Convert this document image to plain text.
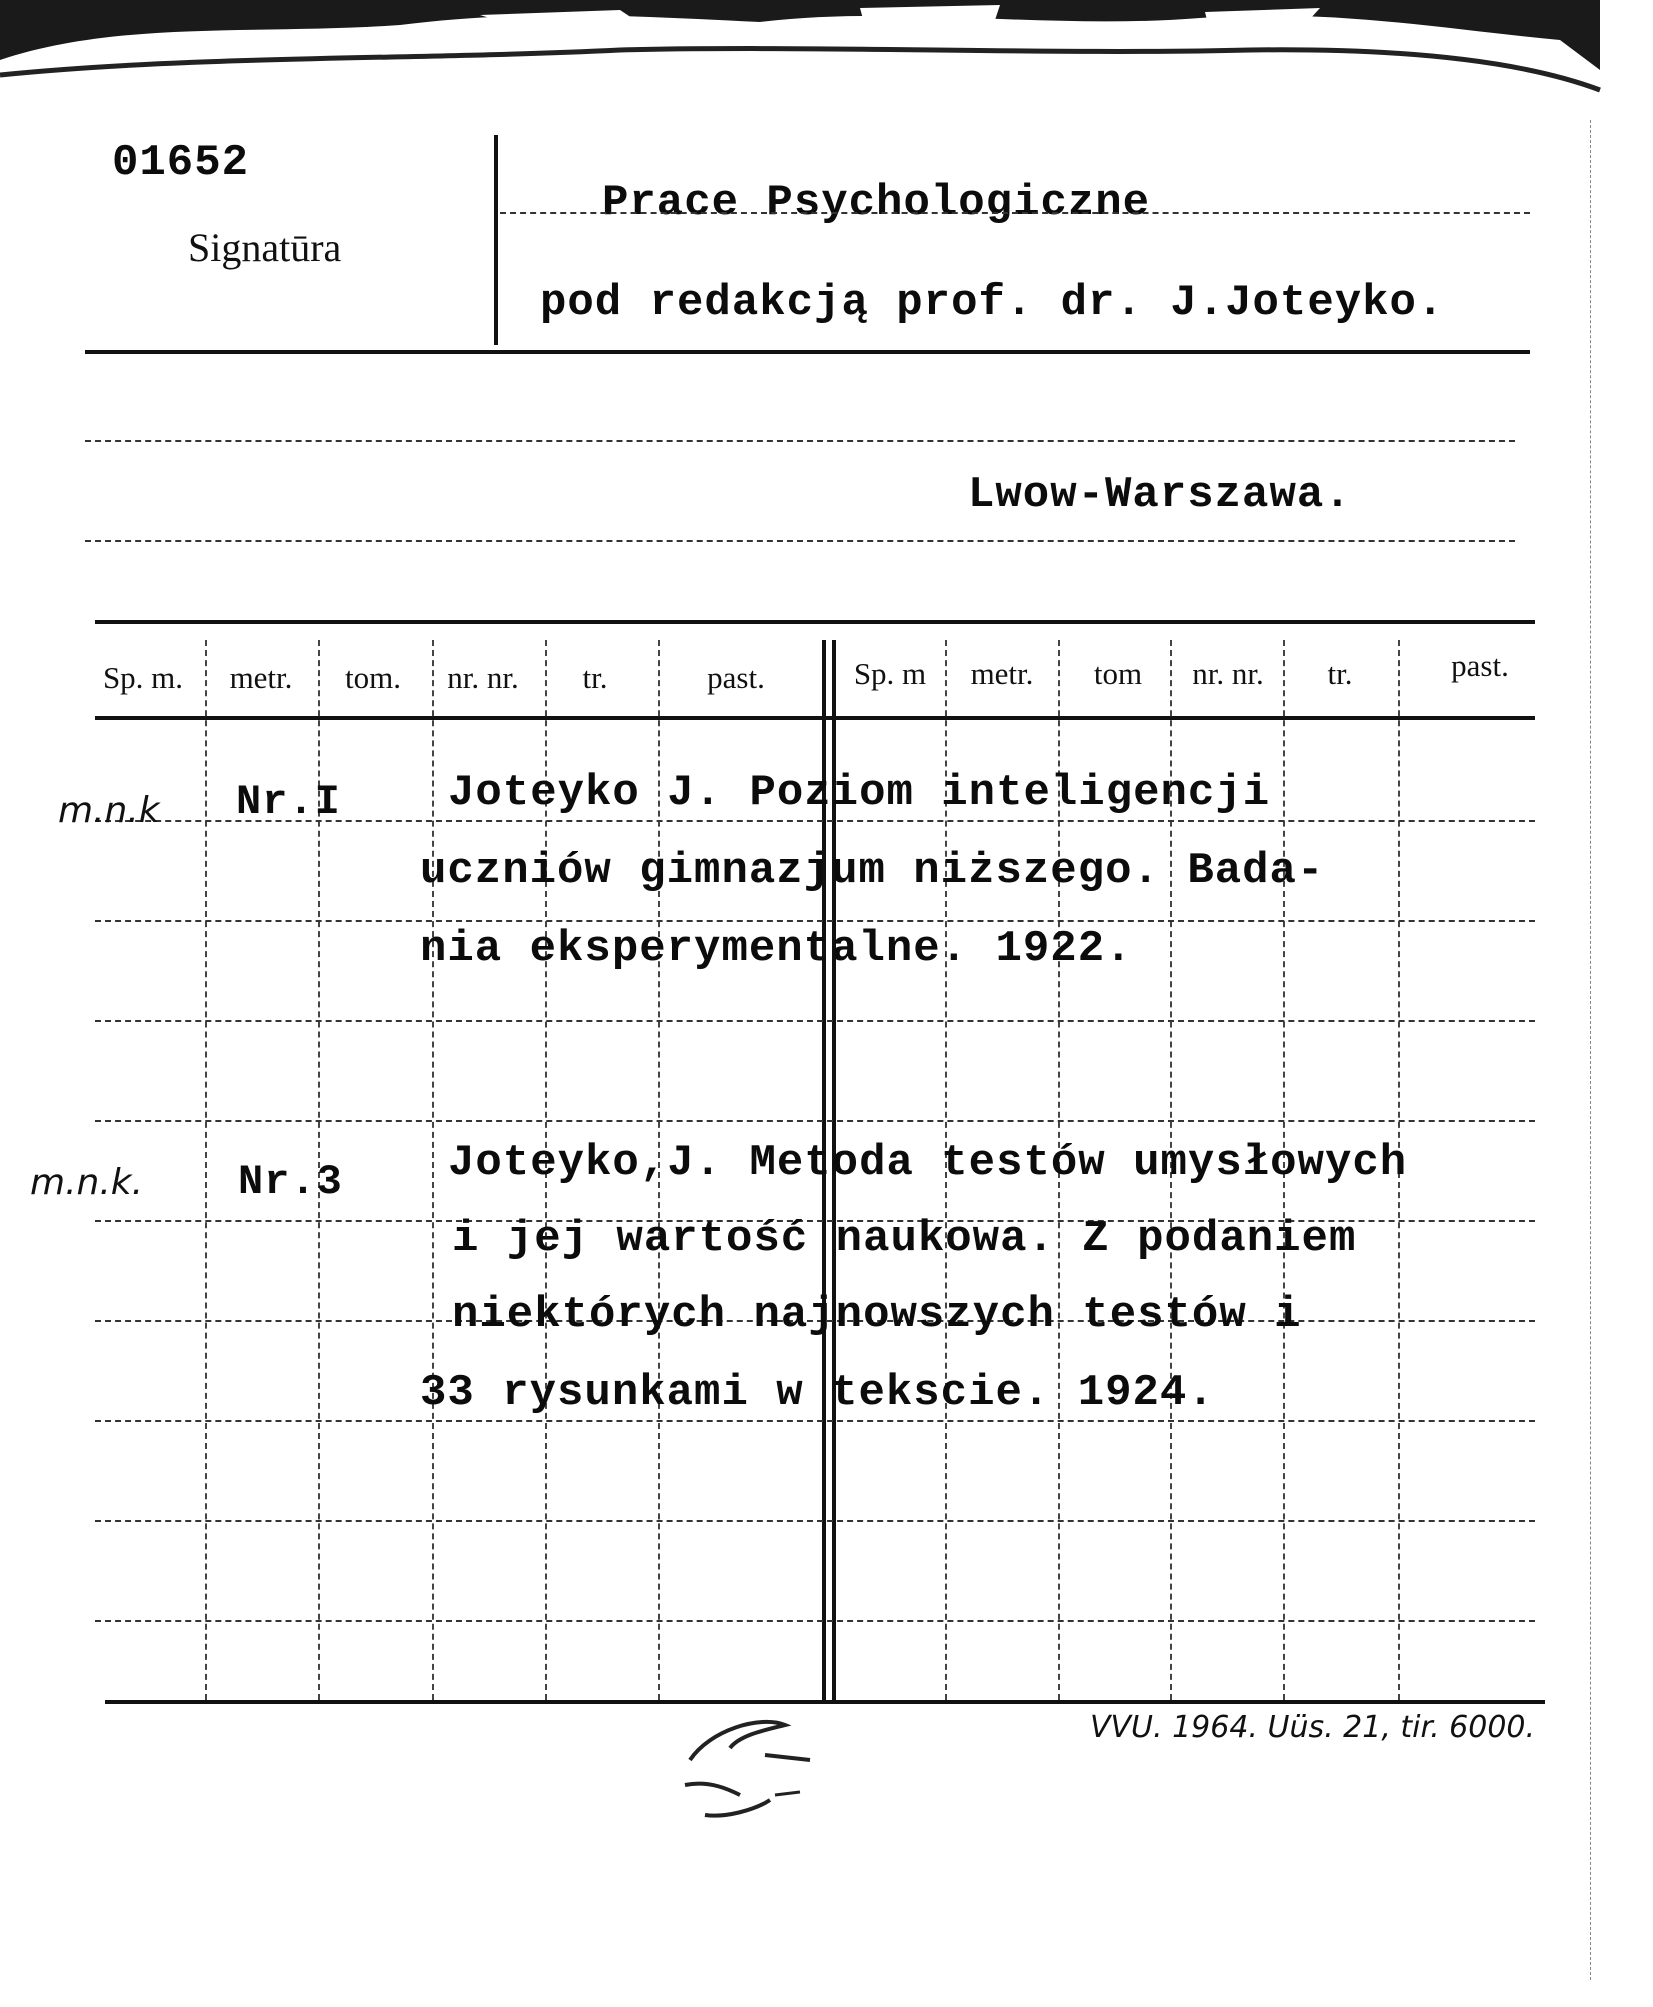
01652
Signatūra
Prace Psychologiczne
pod redakcją prof. dr. J.Joteyko.
Lwow-Warszawa.
Sp. m.	metr.	tom.	nr. nr.	tr.	past.	Sp. m	metr.	tom	nr. nr.	tr.	past.
m.n.k Nr.I Joteyko J. Poziom inteligencji
uczniów gimnazjum niższego. Bada-
nia eksperymentalne. 1922.
m.n.k. Nr.3 Joteyko,J. Metoda testów umysłowych
i jej wartość naukowa. Z podaniem
niektórych najnowszych testów i
33 rysunkami w tekscie. 1924.
VVU. 1964. Uüs. 21, tir. 6000.
